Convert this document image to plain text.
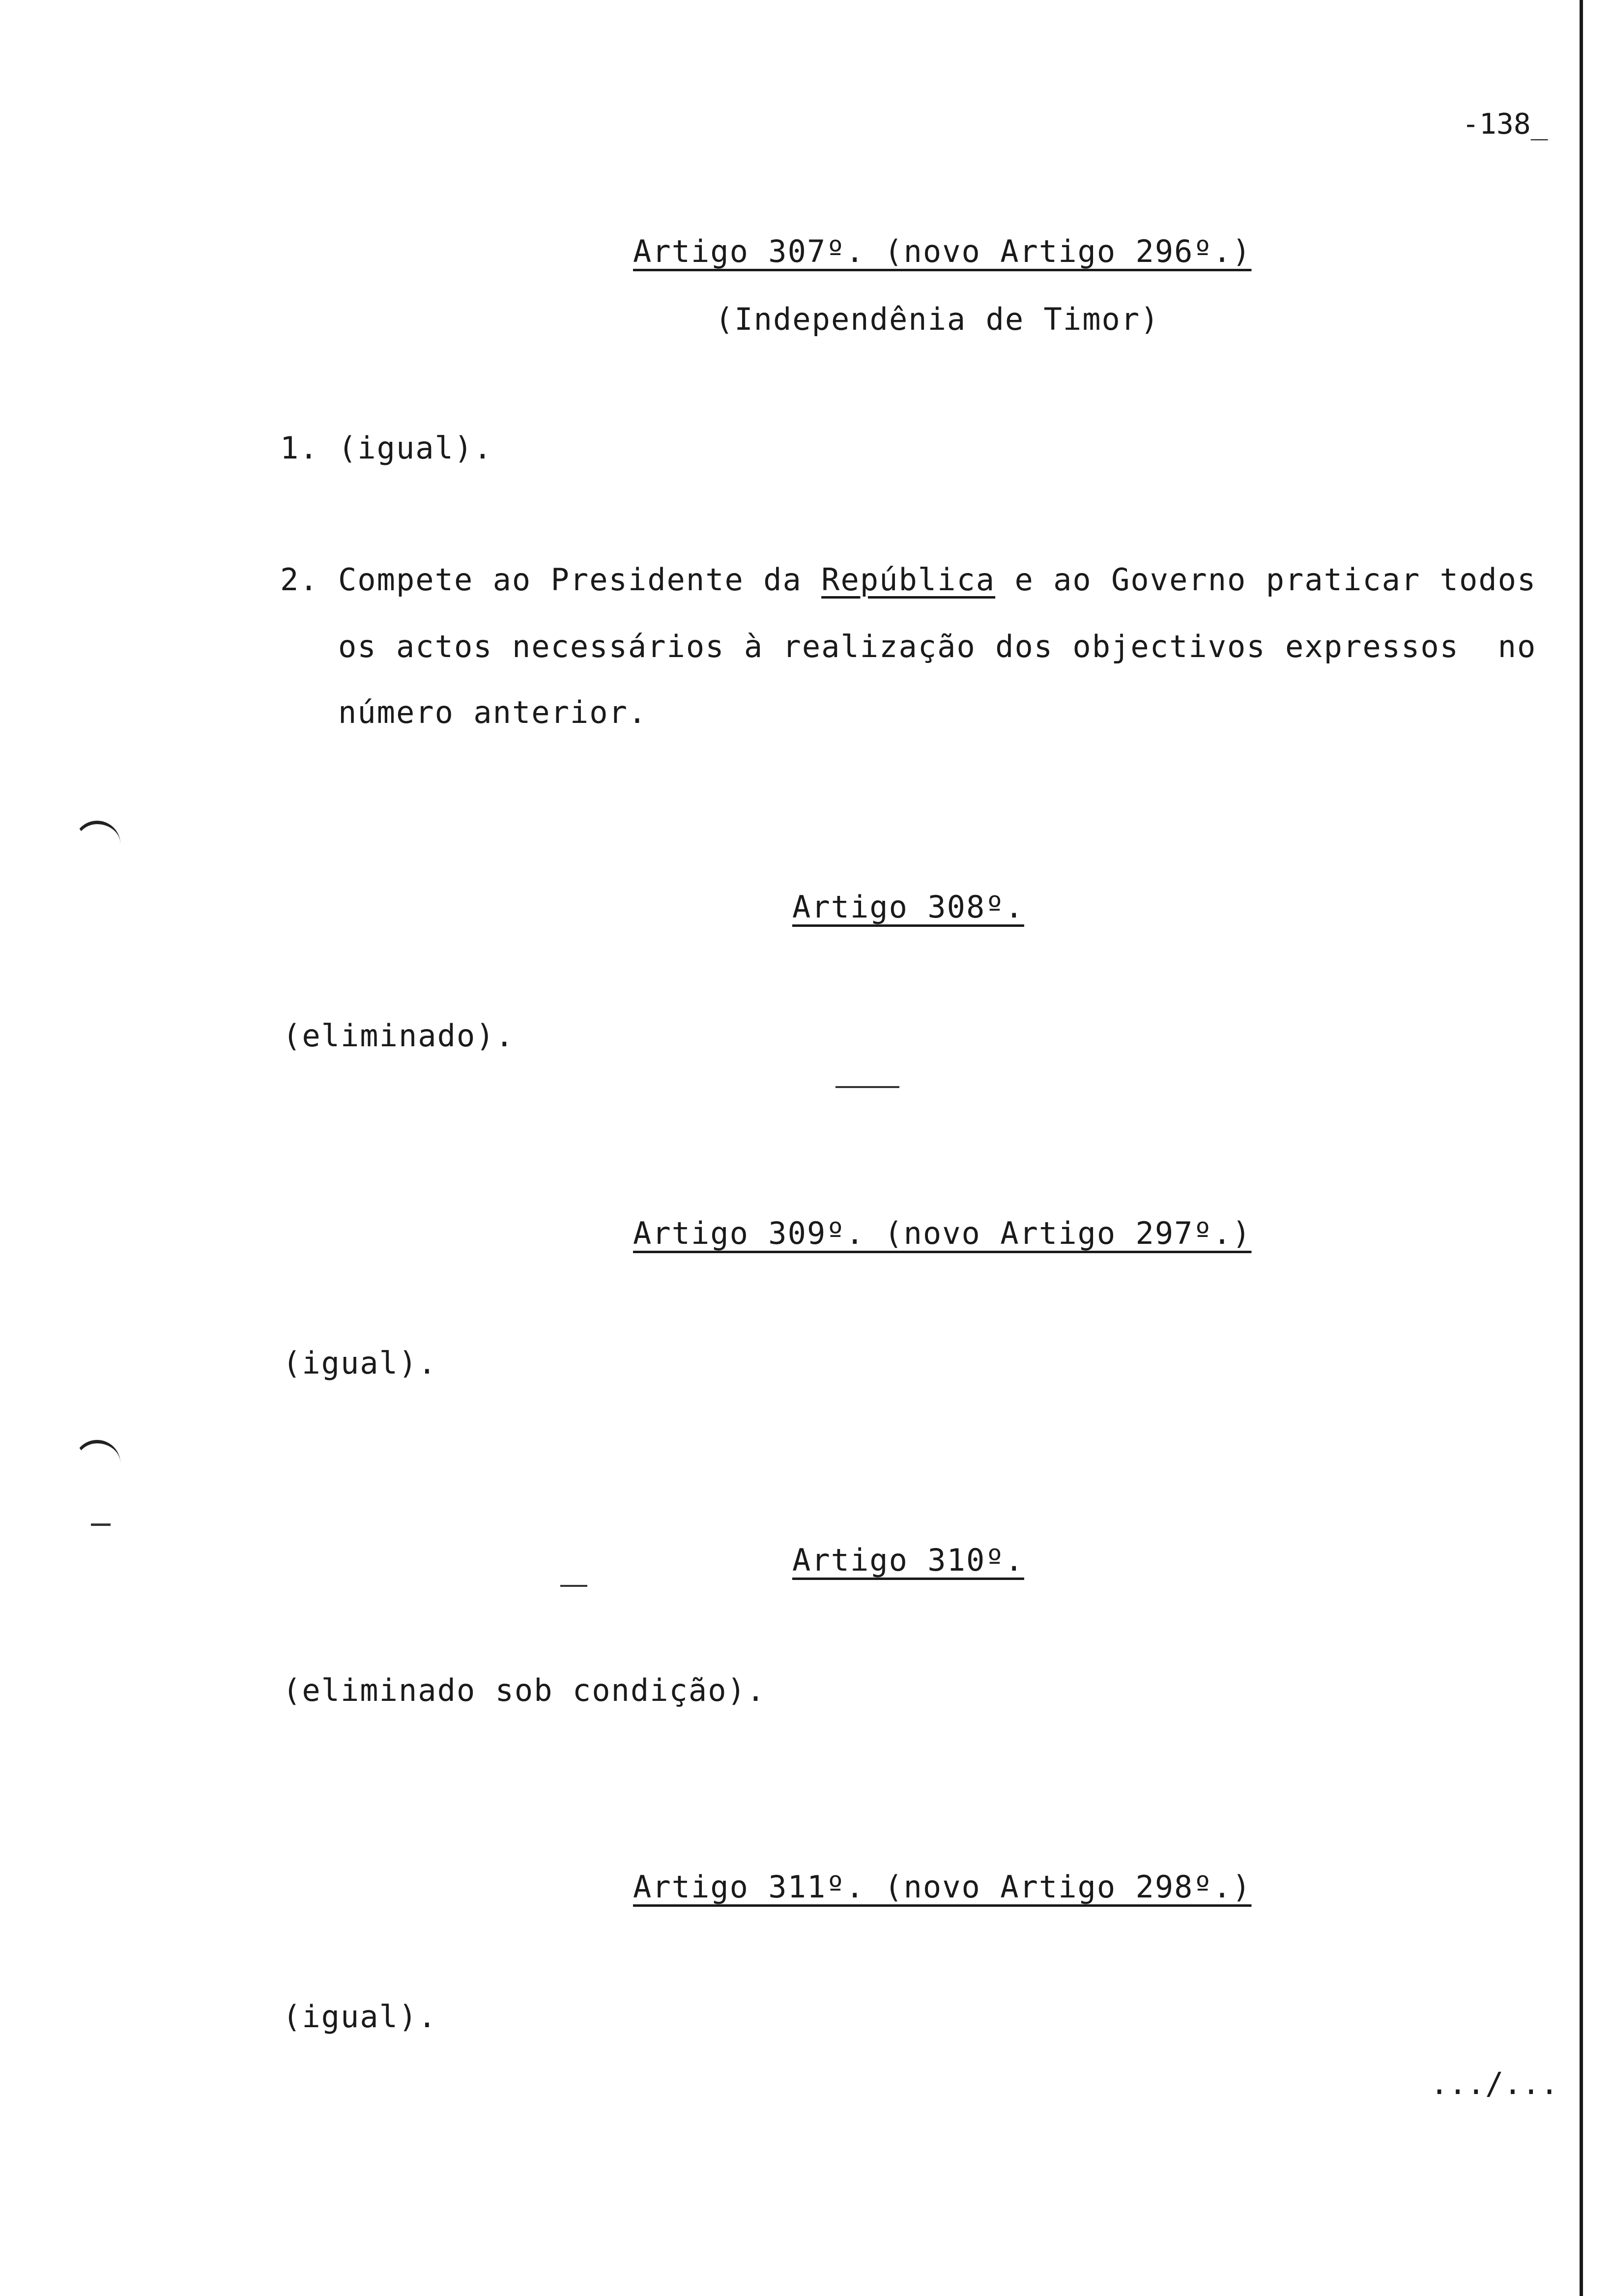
-138_
Artigo 307º. (novo Artigo 296º.)
(Independênia de Timor)
1. (igual).
2. Compete ao Presidente da República e ao Governo praticar todos
os actos necessários à realização dos objectivos expressos  no
número anterior.
Artigo 308º.
(eliminado).
Artigo 309º. (novo Artigo 297º.)
(igual).
Artigo 310º.
(eliminado sob condição).
Artigo 311º. (novo Artigo 298º.)
(igual).
.../...
